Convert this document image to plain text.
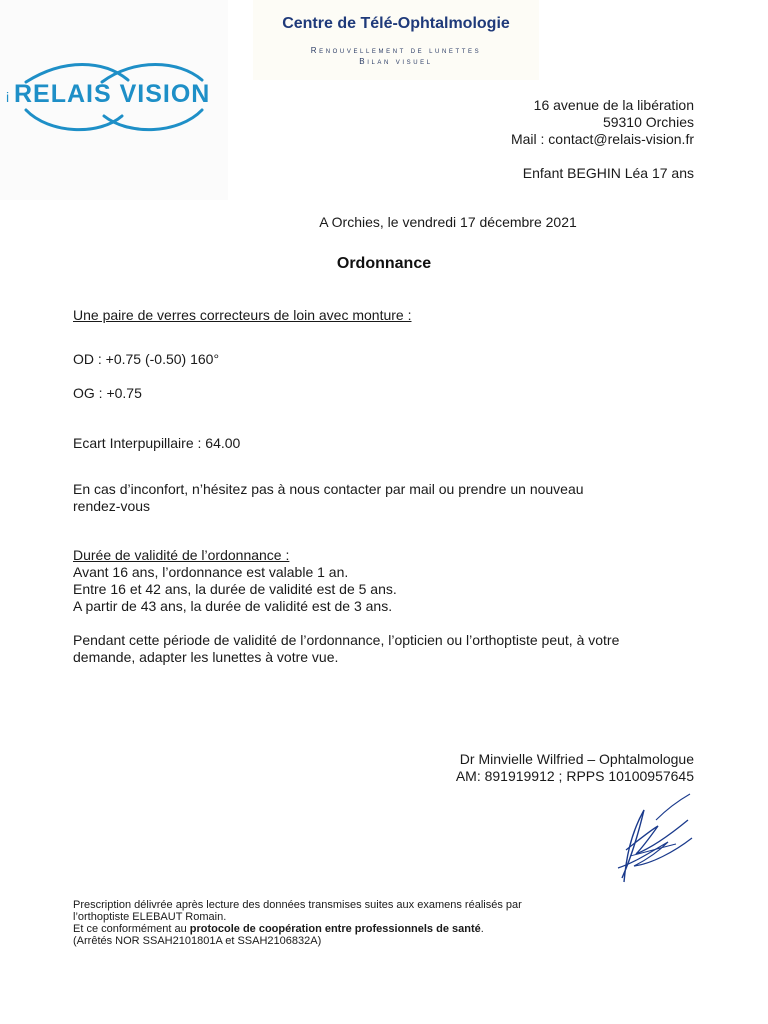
Centre de Télé-Ophtalmologie
Renouvellement de lunettes
Bilan visuel
i RELAIS VISION	16 avenue de la libération
59310 Orchies
Mail : contact@relais-vision.fr
Enfant BEGHIN Léa 17 ans
A Orchies, le vendredi 17 décembre 2021
Ordonnance
Une paire de verres correcteurs de loin avec monture :
OD : +0.75 (-0.50) 160°
OG : +0.75
Ecart Interpupillaire : 64.00
En cas d’inconfort, n’hésitez pas à nous contacter par mail ou prendre un nouveau
rendez-vous
Durée de validité de l’ordonnance :
Avant 16 ans, l’ordonnance est valable 1 an.
Entre 16 et 42 ans, la durée de validité est de 5 ans.
A partir de 43 ans, la durée de validité est de 3 ans.
Pendant cette période de validité de l’ordonnance, l’opticien ou l’orthoptiste peut, à votre
demande, adapter les lunettes à votre vue.
Dr Minvielle Wilfried – Ophtalmologue
AM: 891919912 ; RPPS 10100957645
Prescription délivrée après lecture des données transmises suites aux examens réalisés par
l’orthoptiste ELEBAUT Romain.
Et ce conformément au protocole de coopération entre professionnels de santé.
(Arrêtés NOR SSAH2101801A et SSAH2106832A)
